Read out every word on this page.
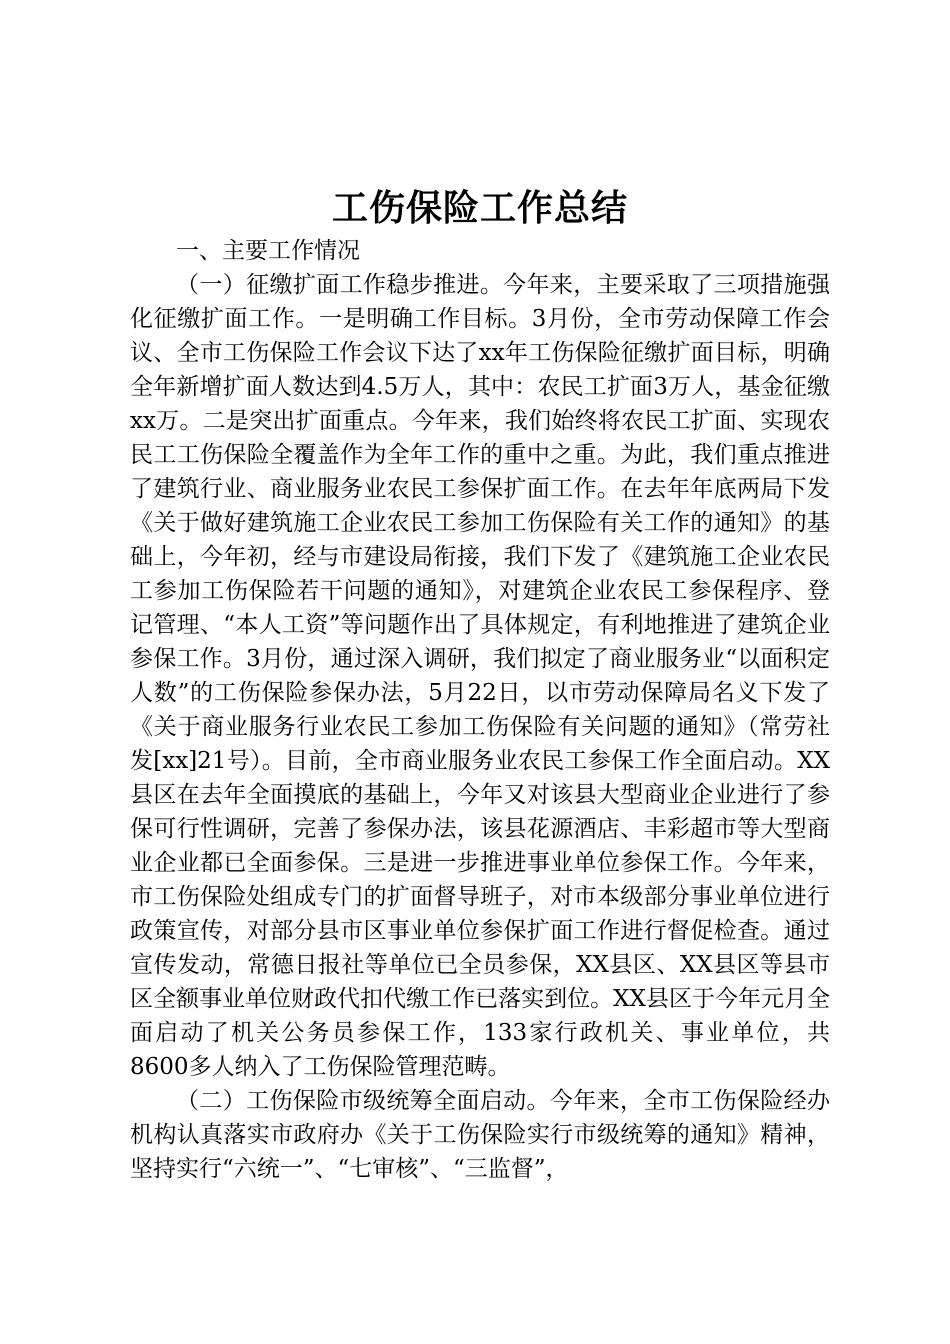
工伤保险工作总结

一、主要工作情况

（一）征缴扩面工作稳步推进。今年来，主要采取了三项措施强化征缴扩面工作。一是明确工作目标。3月份，全市劳动保障工作会议、全市工伤保险工作会议下达了xx年工伤保险征缴扩面目标，明确全年新增扩面人数达到4.5万人，其中：农民工扩面3万人，基金征缴xx万。二是突出扩面重点。今年来，我们始终将农民工扩面、实现农民工工伤保险全覆盖作为全年工作的重中之重。为此，我们重点推进了建筑行业、商业服务业农民工参保扩面工作。在去年年底两局下发《关于做好建筑施工企业农民工参加工伤保险有关工作的通知》的基础上，今年初，经与市建设局衔接，我们下发了《建筑施工企业农民工参加工伤保险若干问题的通知》，对建筑企业农民工参保程序、登记管理、“本人工资”等问题作出了具体规定，有利地推进了建筑企业参保工作。3月份，通过深入调研，我们拟定了商业服务业“以面积定人数”的工伤保险参保办法，5月22日，以市劳动保障局名义下发了《关于商业服务行业农民工参加工伤保险有关问题的通知》（常劳社发[xx]21号）。目前，全市商业服务业农民工参保工作全面启动。XX县区在去年全面摸底的基础上，今年又对该县大型商业企业进行了参保可行性调研，完善了参保办法，该县花源酒店、丰彩超市等大型商业企业都已全面参保。三是进一步推进事业单位参保工作。今年来，市工伤保险处组成专门的扩面督导班子，对市本级部分事业单位进行政策宣传，对部分县市区事业单位参保扩面工作进行督促检查。通过宣传发动，常德日报社等单位已全员参保，XX县区、XX县区等县市区全额事业单位财政代扣代缴工作已落实到位。XX县区于今年元月全面启动了机关公务员参保工作，133家行政机关、事业单位，共8600多人纳入了工伤保险管理范畴。

（二）工伤保险市级统筹全面启动。今年来，全市工伤保险经办机构认真落实市政府办《关于工伤保险实行市级统筹的通知》精神，坚持实行“六统一”、“七审核”、“三监督”，
